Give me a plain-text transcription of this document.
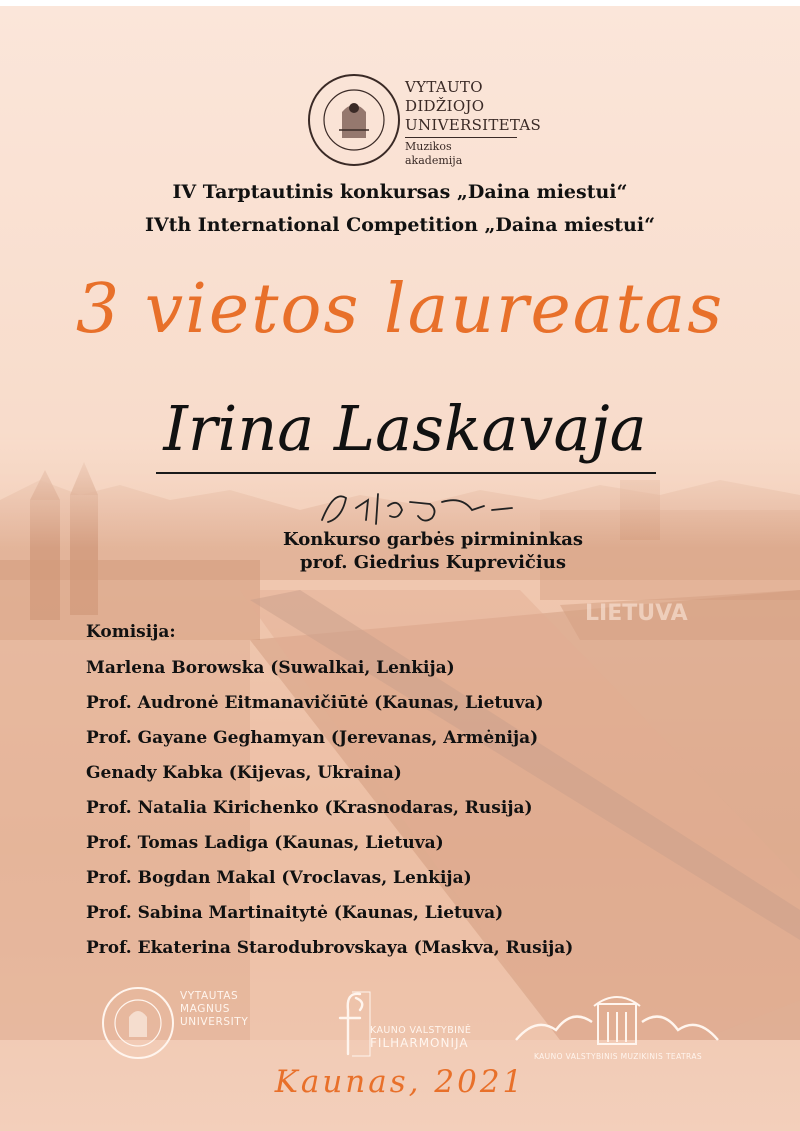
VYTAUTO
DIDŽIOJO
UNIVERSITETAS
Muzikos
akademija
IV Tarptautinis konkursas „Daina miestui“
IVth International Competition „Daina miestui“
3 vietos laureatas
Irina Laskavaja
Konkurso garbės pirmininkas
prof. Giedrius Kuprevičius
Komisija:
Marlena Borowska (Suwalkai, Lenkija)
Prof. Audronė Eitmanavičiūtė (Kaunas, Lietuva)
Prof. Gayane Geghamyan (Jerevanas, Armėnija)
Genady Kabka (Kijevas, Ukraina)
Prof. Natalia Kirichenko (Krasnodaras, Rusija)
Prof. Tomas Ladiga (Kaunas, Lietuva)
Prof. Bogdan Makal (Vroclavas, Lenkija)
Prof. Sabina Martinaitytė (Kaunas, Lietuva)
Prof. Ekaterina Starodubrovskaya (Maskva, Rusija)
VYTAUTAS
MAGNUS
UNIVERSITY
KAUNO VALSTYBINĖ
FILHARMONIJA
KAUNO VALSTYBINIS MUZIKINIS TEATRAS
Kaunas, 2021
